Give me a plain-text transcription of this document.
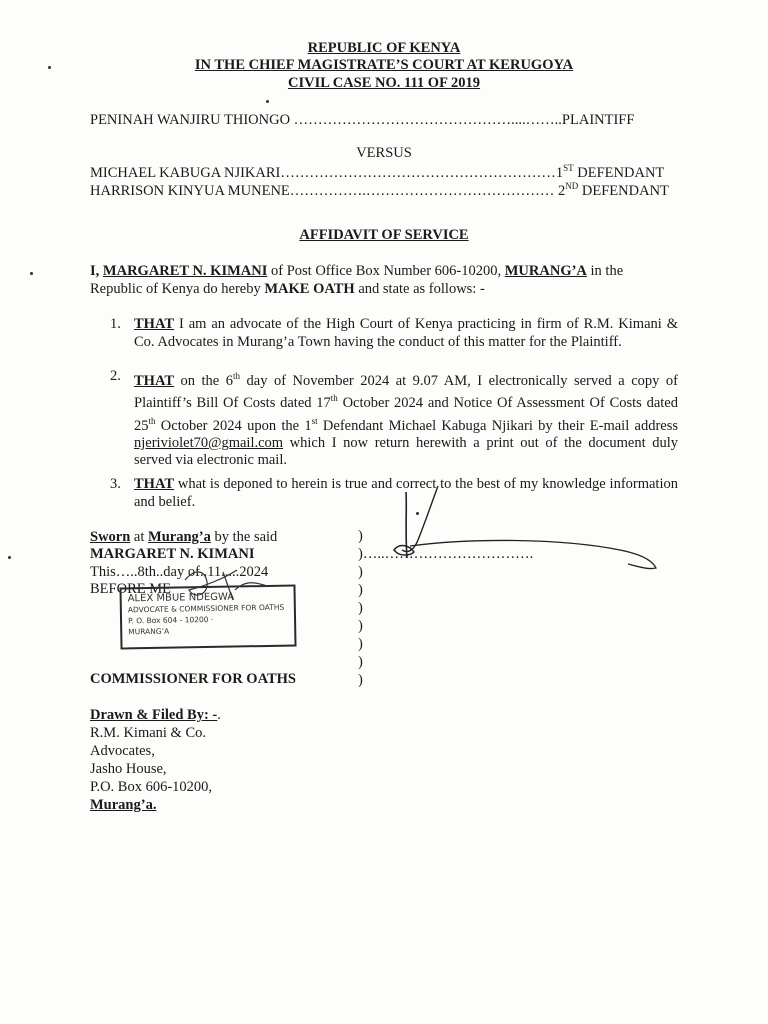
REPUBLIC OF KENYA
IN THE CHIEF MAGISTRATE’S COURT AT KERUGOYA
CIVIL CASE NO. 111 OF 2019
PENINAH WANJIRU THIONGO ………………………………………....……..PLAINTIFF
VERSUS
MICHAEL KABUGA NJIKARI…………………………………………………1ST DEFENDANT
HARRISON KINYUA MUNENE…………….………………………………… 2ND DEFENDANT
AFFIDAVIT OF SERVICE
I, MARGARET N. KIMANI of Post Office Box Number 606-10200, MURANG’A in the
Republic of Kenya do hereby MAKE OATH and state as follows: -
1. THAT I am an advocate of the High Court of Kenya practicing in firm of R.M. Kimani & Co. Advocates in Murang’a Town having the conduct of this matter for the Plaintiff.
2. THAT on the 6th day of November 2024 at 9.07 AM, I electronically served a copy of Plaintiff’s Bill Of Costs dated 17th October 2024 and Notice Of Assessment Of Costs dated 25th October 2024 upon the 1st Defendant Michael Kabuga Njikari by their E-mail address njeriviolet70@gmail.com which I now return herewith a print out of the document duly served via electronic mail.
3. THAT what is deponed to herein is true and correct to the best of my knowledge information and belief.
Sworn at Murang’a by the said
MARGARET N. KIMANI
This…..8th..day of..11.....2024
BEFORE ME
COMMISSIONER FOR OATHS
)
)…..………………………….
)
)
)
)
)
)
)
ALEX MBUE NDEGWA
ADVOCATE & COMMISSIONER FOR OATHS
P. O. Box 604 - 10200 ·
MURANG’A
Drawn & Filed By: -.
R.M. Kimani & Co.
Advocates,
Jasho House,
P.O. Box 606-10200,
Murang’a.
